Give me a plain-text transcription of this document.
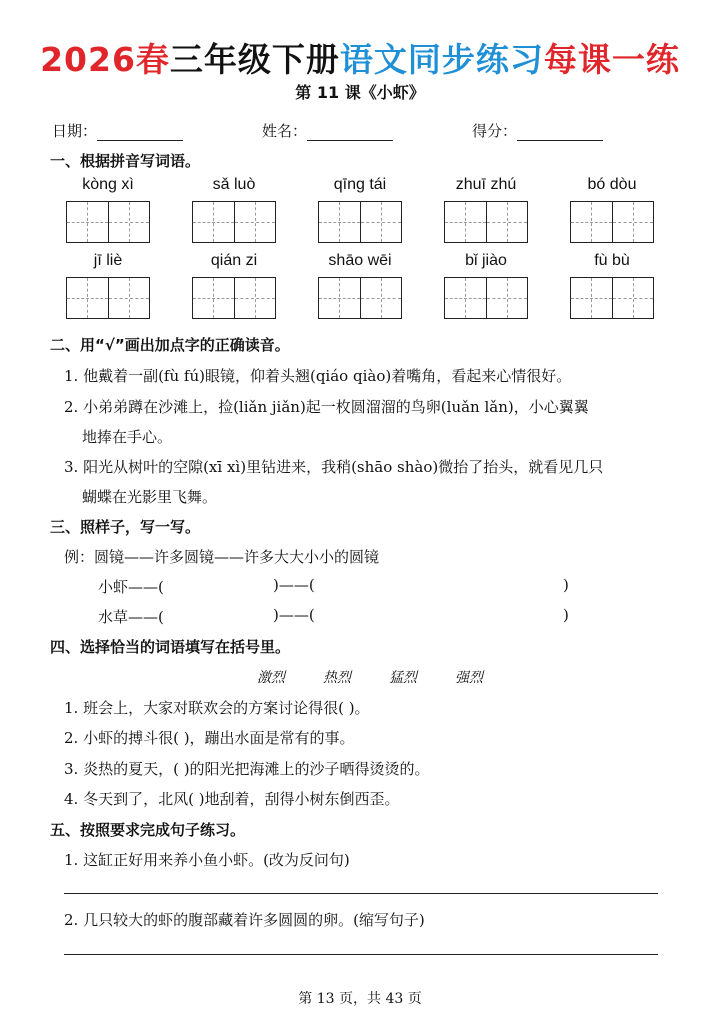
2026春三年级下册语文同步练习每课一练
第 11 课《小虾》
日期：	姓名：	得分：
一、根据拼音写词语。
kòng xì	sǎ luò	qīng tái	zhuī zhú	bó dòu
jī liè	qián zi	shāo wēi	bǐ jiào	fù bù
二、用“√”画出加点字的正确读音。
1. 他戴着一副(fù fú)眼镜，仰着头翘(qiáo qiào)着嘴角，看起来心情很好。
2. 小弟弟蹲在沙滩上，捡(liǎn jiǎn)起一枚圆溜溜的鸟卵(luǎn lǎn)，小心翼翼
地捧在手心。
3. 阳光从树叶的空隙(xī xì)里钻进来，我稍(shāo shào)微抬了抬头，就看见几只
蝴蝶在光影里飞舞。
三、照样子，写一写。
例：圆镜——许多圆镜——许多大大小小的圆镜
小虾——(	)——(	)
水草——(	)——(	)
四、选择恰当的词语填写在括号里。
激烈	热烈	猛烈	强烈
1. 班会上，大家对联欢会的方案讨论得很( )。
2. 小虾的搏斗很( )，蹦出水面是常有的事。
3. 炎热的夏天，( )的阳光把海滩上的沙子晒得烫烫的。
4. 冬天到了，北风( )地刮着，刮得小树东倒西歪。
五、按照要求完成句子练习。
1. 这缸正好用来养小鱼小虾。(改为反问句)
2. 几只较大的虾的腹部藏着许多圆圆的卵。(缩写句子)
第 13 页，共 43 页
